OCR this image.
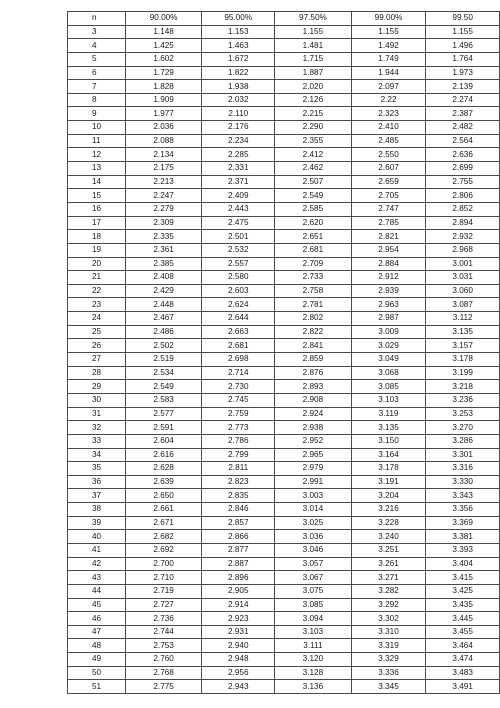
n	90.00%	95.00%	97.50%	99.00%	99.50
3	1.148	1.153	1.155	1.155	1.155
4	1.425	1.463	1.481	1.492	1.496
5	1.602	1.672	1.715	1.749	1.764
6	1.729	1.822	1.887	1.944	1.973
7	1.828	1.938	2.020	2.097	2.139
8	1.909	2.032	2.126	2.22	2.274
9	1.977	2.110	2.215	2.323	2.387
10	2.036	2.176	2.290	2.410	2.482
11	2.088	2.234	2.355	2.485	2.564
12	2.134	2.285	2.412	2.550	2.636
13	2.175	2.331	2.462	2.607	2.699
14	2.213	2.371	2.507	2.659	2.755
15	2.247	2.409	2.549	2.705	2.806
16	2.279	2.443	2.585	2.747	2.852
17	2.309	2.475	2.620	2.785	2.894
18	2.335	2.501	2.651	2.821	2.932
19	2.361	2.532	2.681	2.954	2.968
20	2.385	2.557	2.709	2.884	3.001
21	2.408	2.580	2.733	2.912	3.031
22	2.429	2.603	2.758	2.939	3.060
23	2.448	2.624	2.781	2.963	3.087
24	2.467	2.644	2.802	2.987	3.112
25	2.486	2.663	2.822	3.009	3.135
26	2.502	2.681	2.841	3.029	3.157
27	2.519	2.698	2.859	3.049	3.178
28	2.534	2.714	2.876	3.068	3.199
29	2.549	2.730	2.893	3.085	3.218
30	2.583	2.745	2.908	3.103	3.236
31	2.577	2.759	2.924	3.119	3.253
32	2.591	2.773	2.938	3.135	3.270
33	2.604	2.786	2.952	3.150	3.286
34	2.616	2.799	2.965	3.164	3.301
35	2.628	2.811	2.979	3.178	3.316
36	2.639	2.823	2.991	3.191	3.330
37	2.650	2.835	3.003	3.204	3.343
38	2.661	2.846	3.014	3.216	3.356
39	2.671	2.857	3.025	3.228	3.369
40	2.682	2.866	3.036	3.240	3.381
41	2.692	2.877	3.046	3.251	3.393
42	2.700	2.887	3.057	3.261	3.404
43	2.710	2.896	3.067	3.271	3.415
44	2.719	2.905	3.075	3.282	3.425
45	2.727	2.914	3.085	3.292	3.435
46	2.736	2.923	3.094	3.302	3.445
47	2.744	2.931	3.103	3.310	3.455
48	2.753	2.940	3.111	3.319	3.464
49	2.760	2.948	3.120	3.329	3.474
50	2.768	2.956	3.128	3.336	3.483
51	2.775	2.943	3.136	3.345	3.491
